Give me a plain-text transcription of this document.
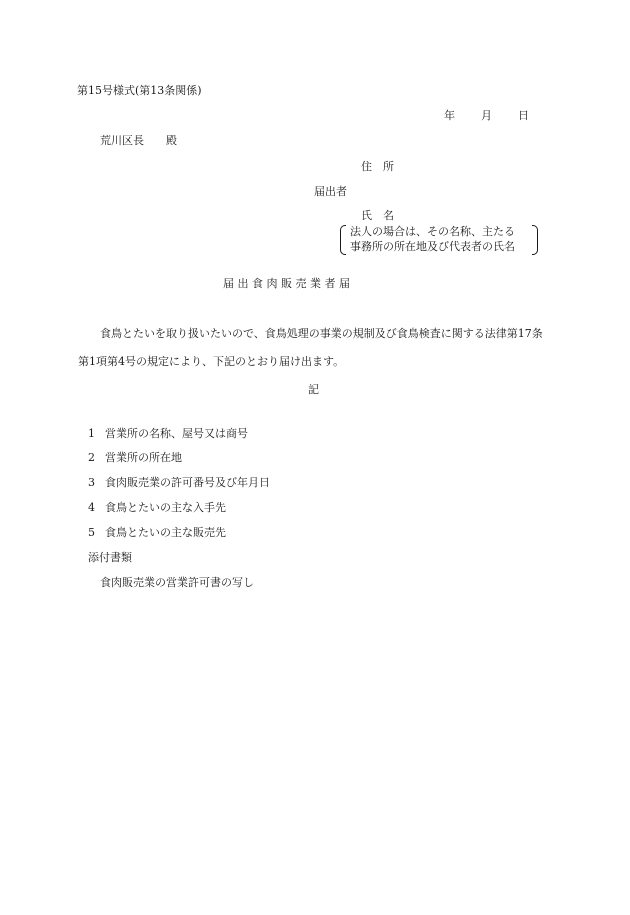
第15号様式(第13条関係)
年 月 日
荒川区長　　殿
住　所
届出者
氏　名
法人の場合は、その名称、主たる
事務所の所在地及び代表者の氏名
届 出 食 肉 販 売 業 者 届
食鳥とたいを取り扱いたいので、食鳥処理の事業の規制及び食鳥検査に関する法律第17条第1項第4号の規定により、下記のとおり届け出ます。
記
1 営業所の名称、屋号又は商号
2 営業所の所在地
3 食肉販売業の許可番号及び年月日
4 食鳥とたいの主な入手先
5 食鳥とたいの主な販売先
添付書類
食肉販売業の営業許可書の写し
